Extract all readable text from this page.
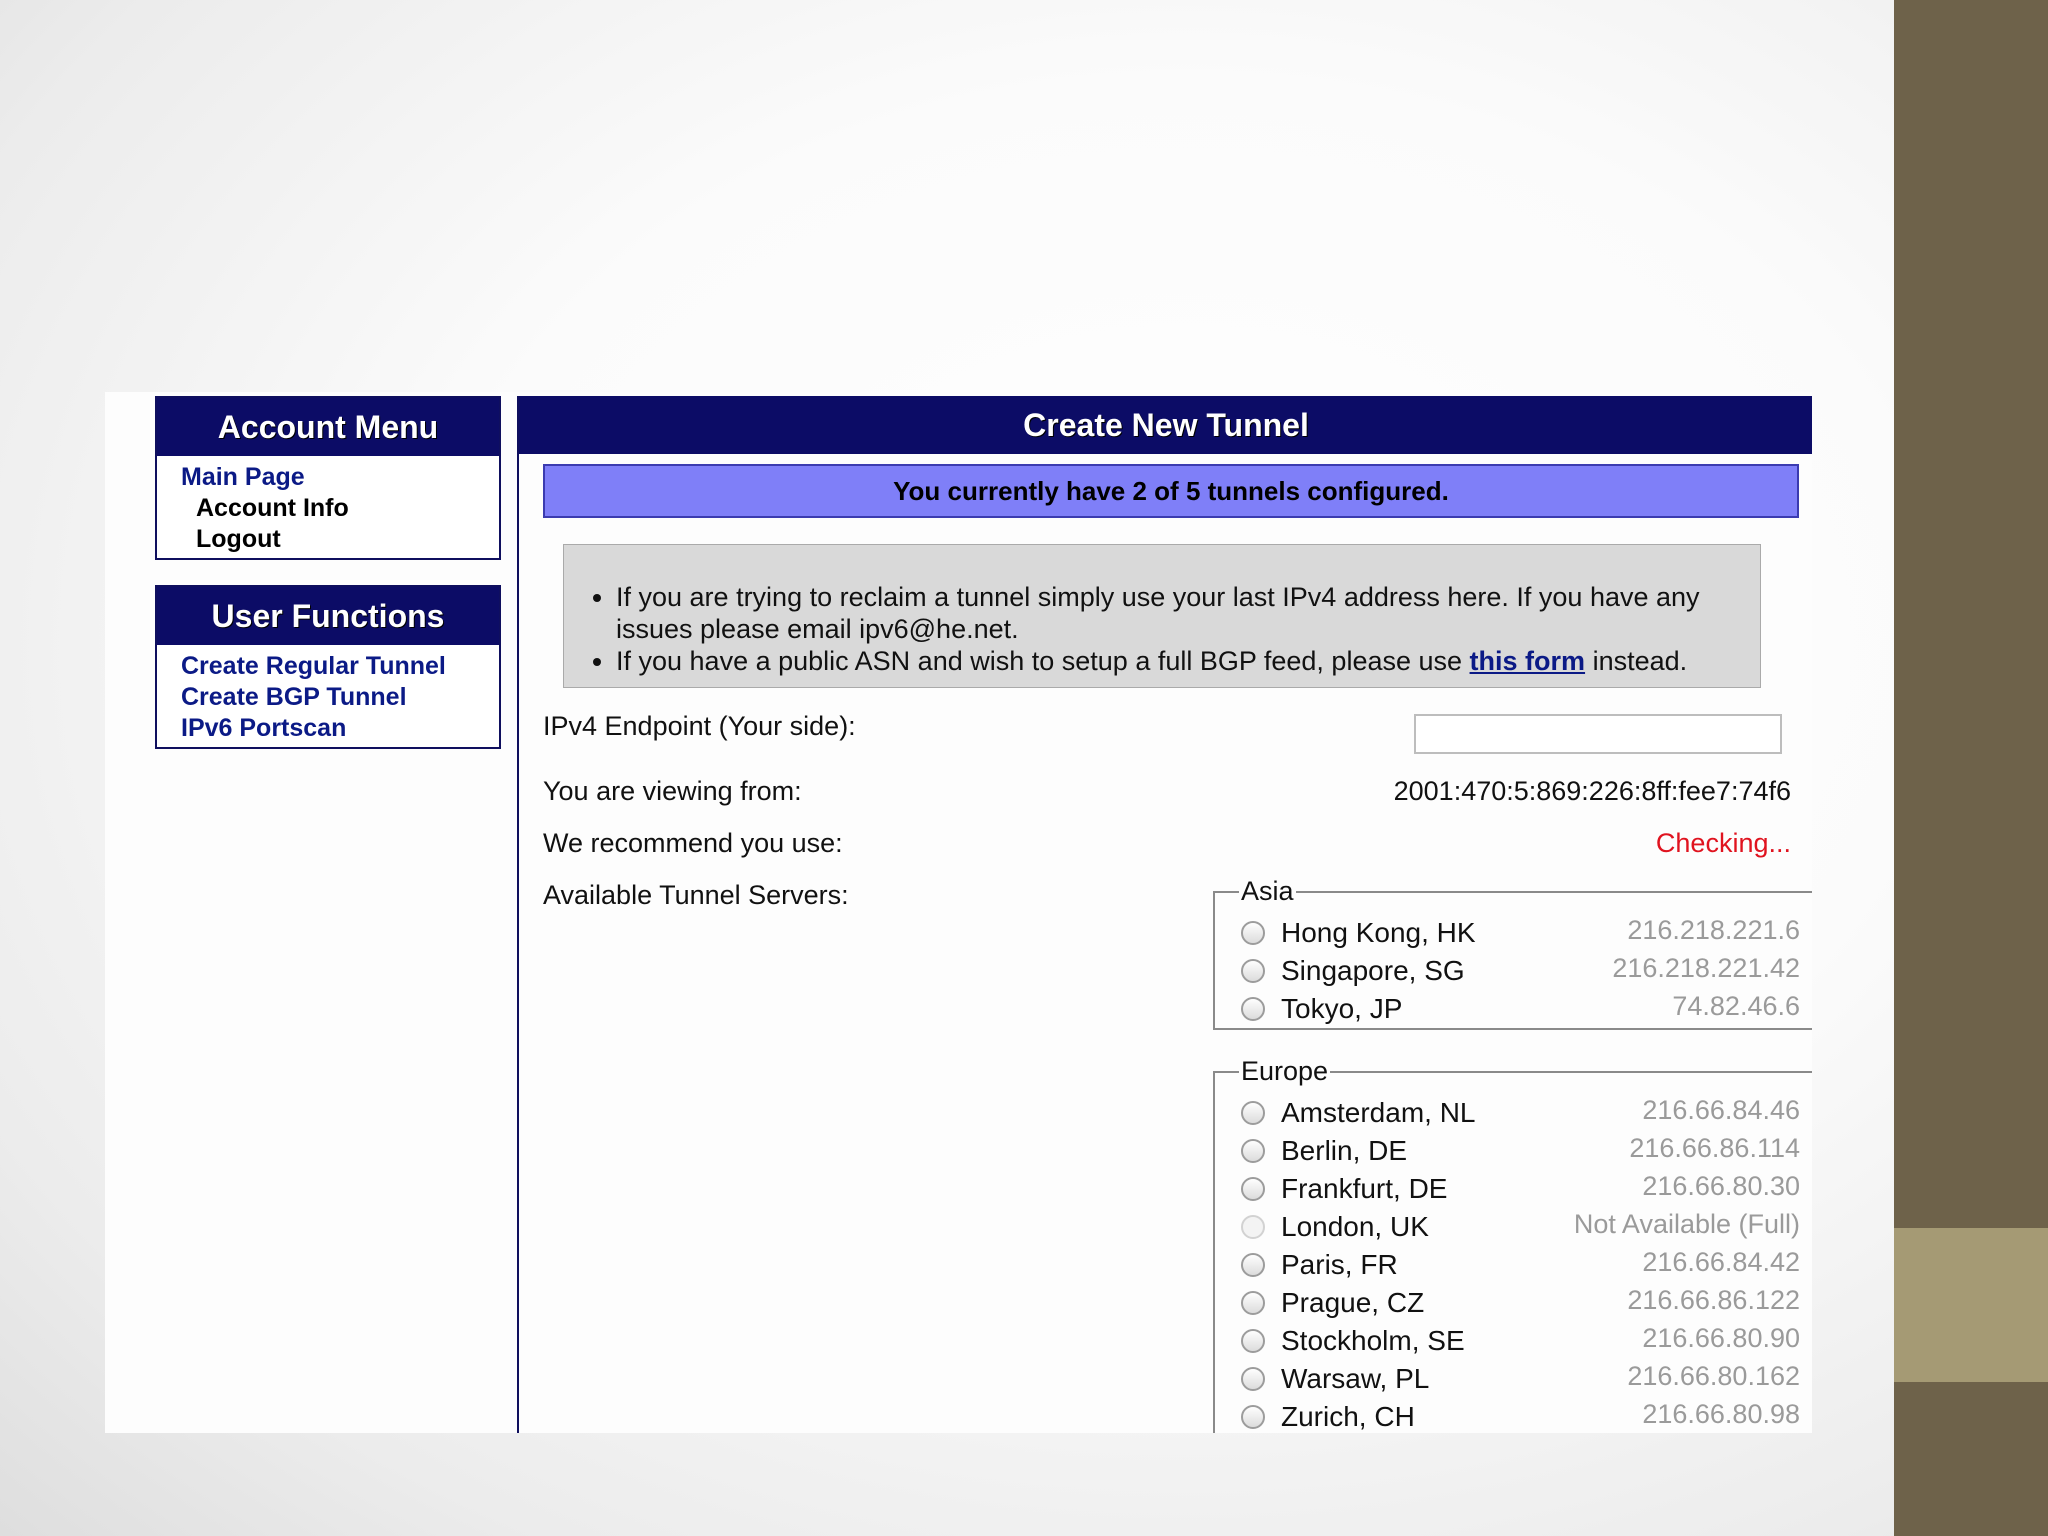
Account Menu
Main Page
Account Info
Logout
User Functions
Create Regular Tunnel
Create BGP Tunnel
IPv6 Portscan
Create New Tunnel
You currently have 2 of 5 tunnels configured.
• If you are trying to reclaim a tunnel simply use your last IPv4 address here. If you have any issues please email ipv6@he.net.
• If you have a public ASN and wish to setup a full BGP feed, please use this form instead.
IPv4 Endpoint (Your side):
You are viewing from:	2001:470:5:869:226:8ff:fee7:74f6
We recommend you use:	Checking...
Available Tunnel Servers:	Asia
Hong Kong, HK	216.218.221.6
Singapore, SG	216.218.221.42
Tokyo, JP	74.82.46.6
Europe
Amsterdam, NL	216.66.84.46
Berlin, DE	216.66.86.114
Frankfurt, DE	216.66.80.30
London, UK	Not Available (Full)
Paris, FR	216.66.84.42
Prague, CZ	216.66.86.122
Stockholm, SE	216.66.80.90
Warsaw, PL	216.66.80.162
Zurich, CH	216.66.80.98
